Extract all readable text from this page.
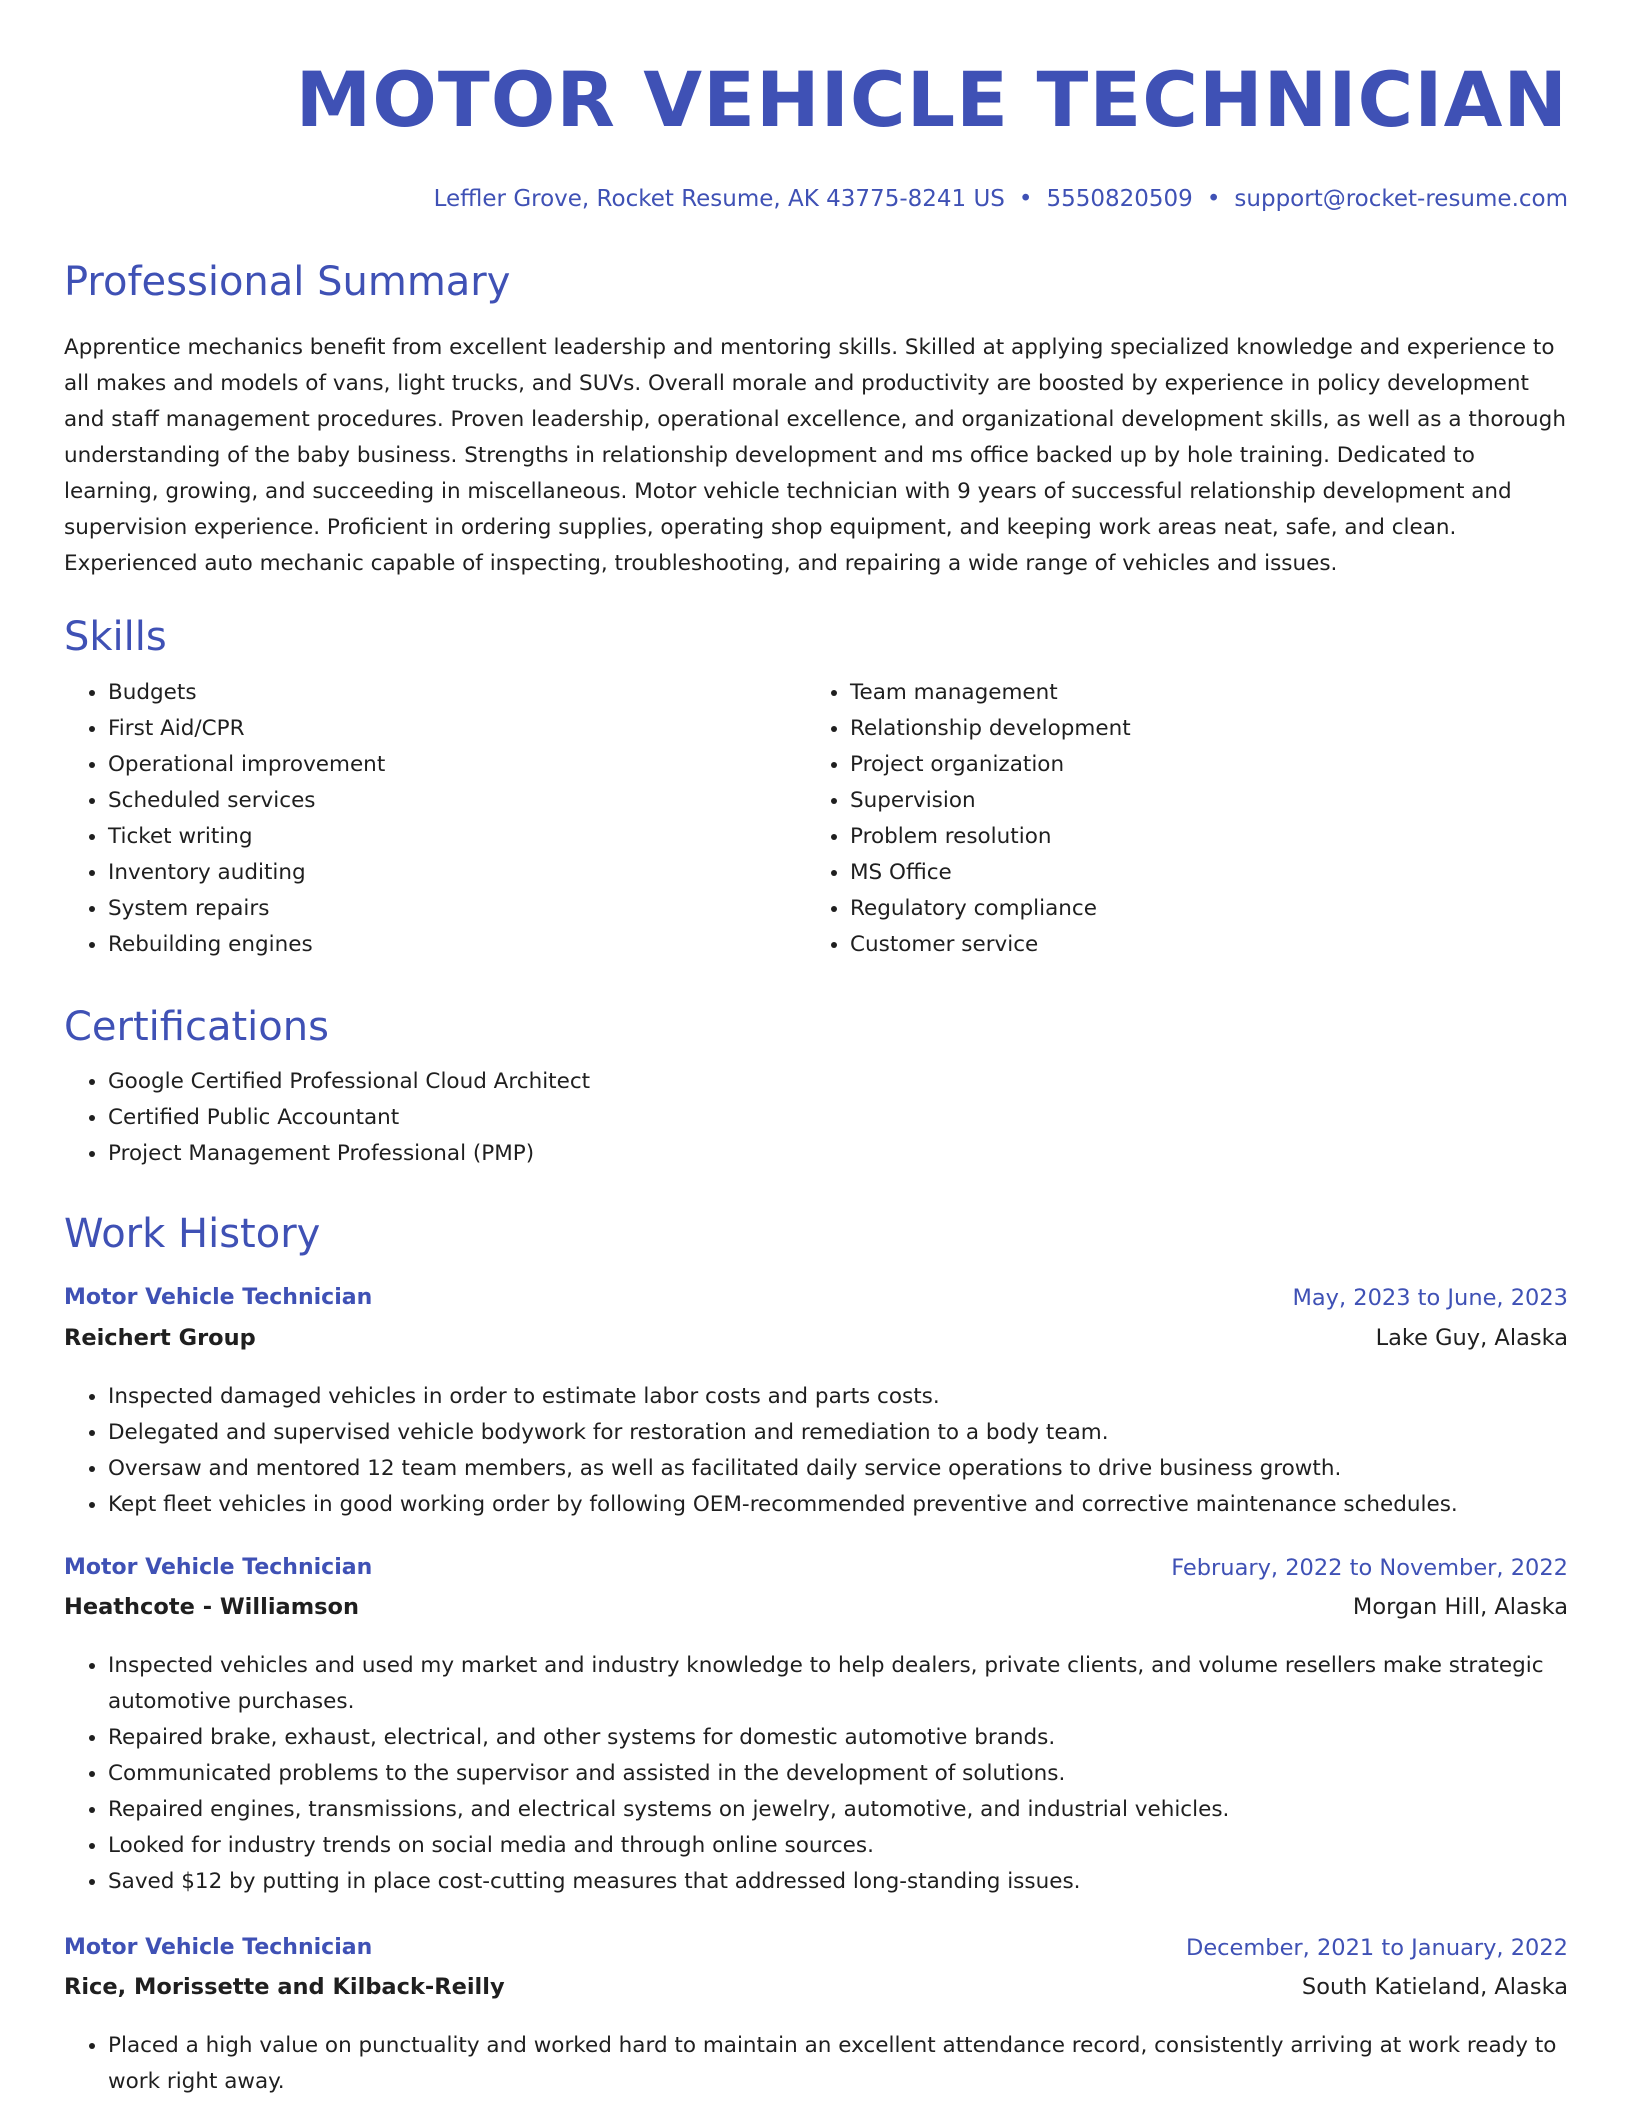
MOTOR VEHICLE TECHNICIAN
Leffler Grove, Rocket Resume, AK 43775-8241 US • 5550820509 • support@rocket-resume.com
Professional Summary

Apprentice mechanics benefit from excellent leadership and mentoring skills. Skilled at applying specialized knowledge and experience to all makes and models of vans, light trucks, and SUVs. Overall morale and productivity are boosted by experience in policy development and staff management procedures. Proven leadership, operational excellence, and organizational development skills, as well as a thorough understanding of the baby business. Strengths in relationship development and ms office backed up by hole training. Dedicated to learning, growing, and succeeding in miscellaneous. Motor vehicle technician with 9 years of successful relationship development and supervision experience. Proficient in ordering supplies, operating shop equipment, and keeping work areas neat, safe, and clean. Experienced auto mechanic capable of inspecting, troubleshooting, and repairing a wide range of vehicles and issues.

Skills
• Budgets
• First Aid/CPR
• Operational improvement
• Scheduled services
• Ticket writing
• Inventory auditing
• System repairs
• Rebuilding engines
• Team management
• Relationship development
• Project organization
• Supervision
• Problem resolution
• MS Office
• Regulatory compliance
• Customer service
Certifications
• Google Certified Professional Cloud Architect
• Certified Public Accountant
• Project Management Professional (PMP)
Work History
Motor Vehicle Technician	May, 2023 to June, 2023
Reichert Group	Lake Guy, Alaska
• Inspected damaged vehicles in order to estimate labor costs and parts costs.
• Delegated and supervised vehicle bodywork for restoration and remediation to a body team.
• Oversaw and mentored 12 team members, as well as facilitated daily service operations to drive business growth.
• Kept fleet vehicles in good working order by following OEM-recommended preventive and corrective maintenance schedules.
Motor Vehicle Technician	February, 2022 to November, 2022
Heathcote - Williamson	Morgan Hill, Alaska
• Inspected vehicles and used my market and industry knowledge to help dealers, private clients, and volume resellers make strategic automotive purchases.
• Repaired brake, exhaust, electrical, and other systems for domestic automotive brands.
• Communicated problems to the supervisor and assisted in the development of solutions.
• Repaired engines, transmissions, and electrical systems on jewelry, automotive, and industrial vehicles.
• Looked for industry trends on social media and through online sources.
• Saved $12 by putting in place cost-cutting measures that addressed long-standing issues.
Motor Vehicle Technician	December, 2021 to January, 2022
Rice, Morissette and Kilback-Reilly	South Katieland, Alaska
• Placed a high value on punctuality and worked hard to maintain an excellent attendance record, consistently arriving at work ready to work right away.
